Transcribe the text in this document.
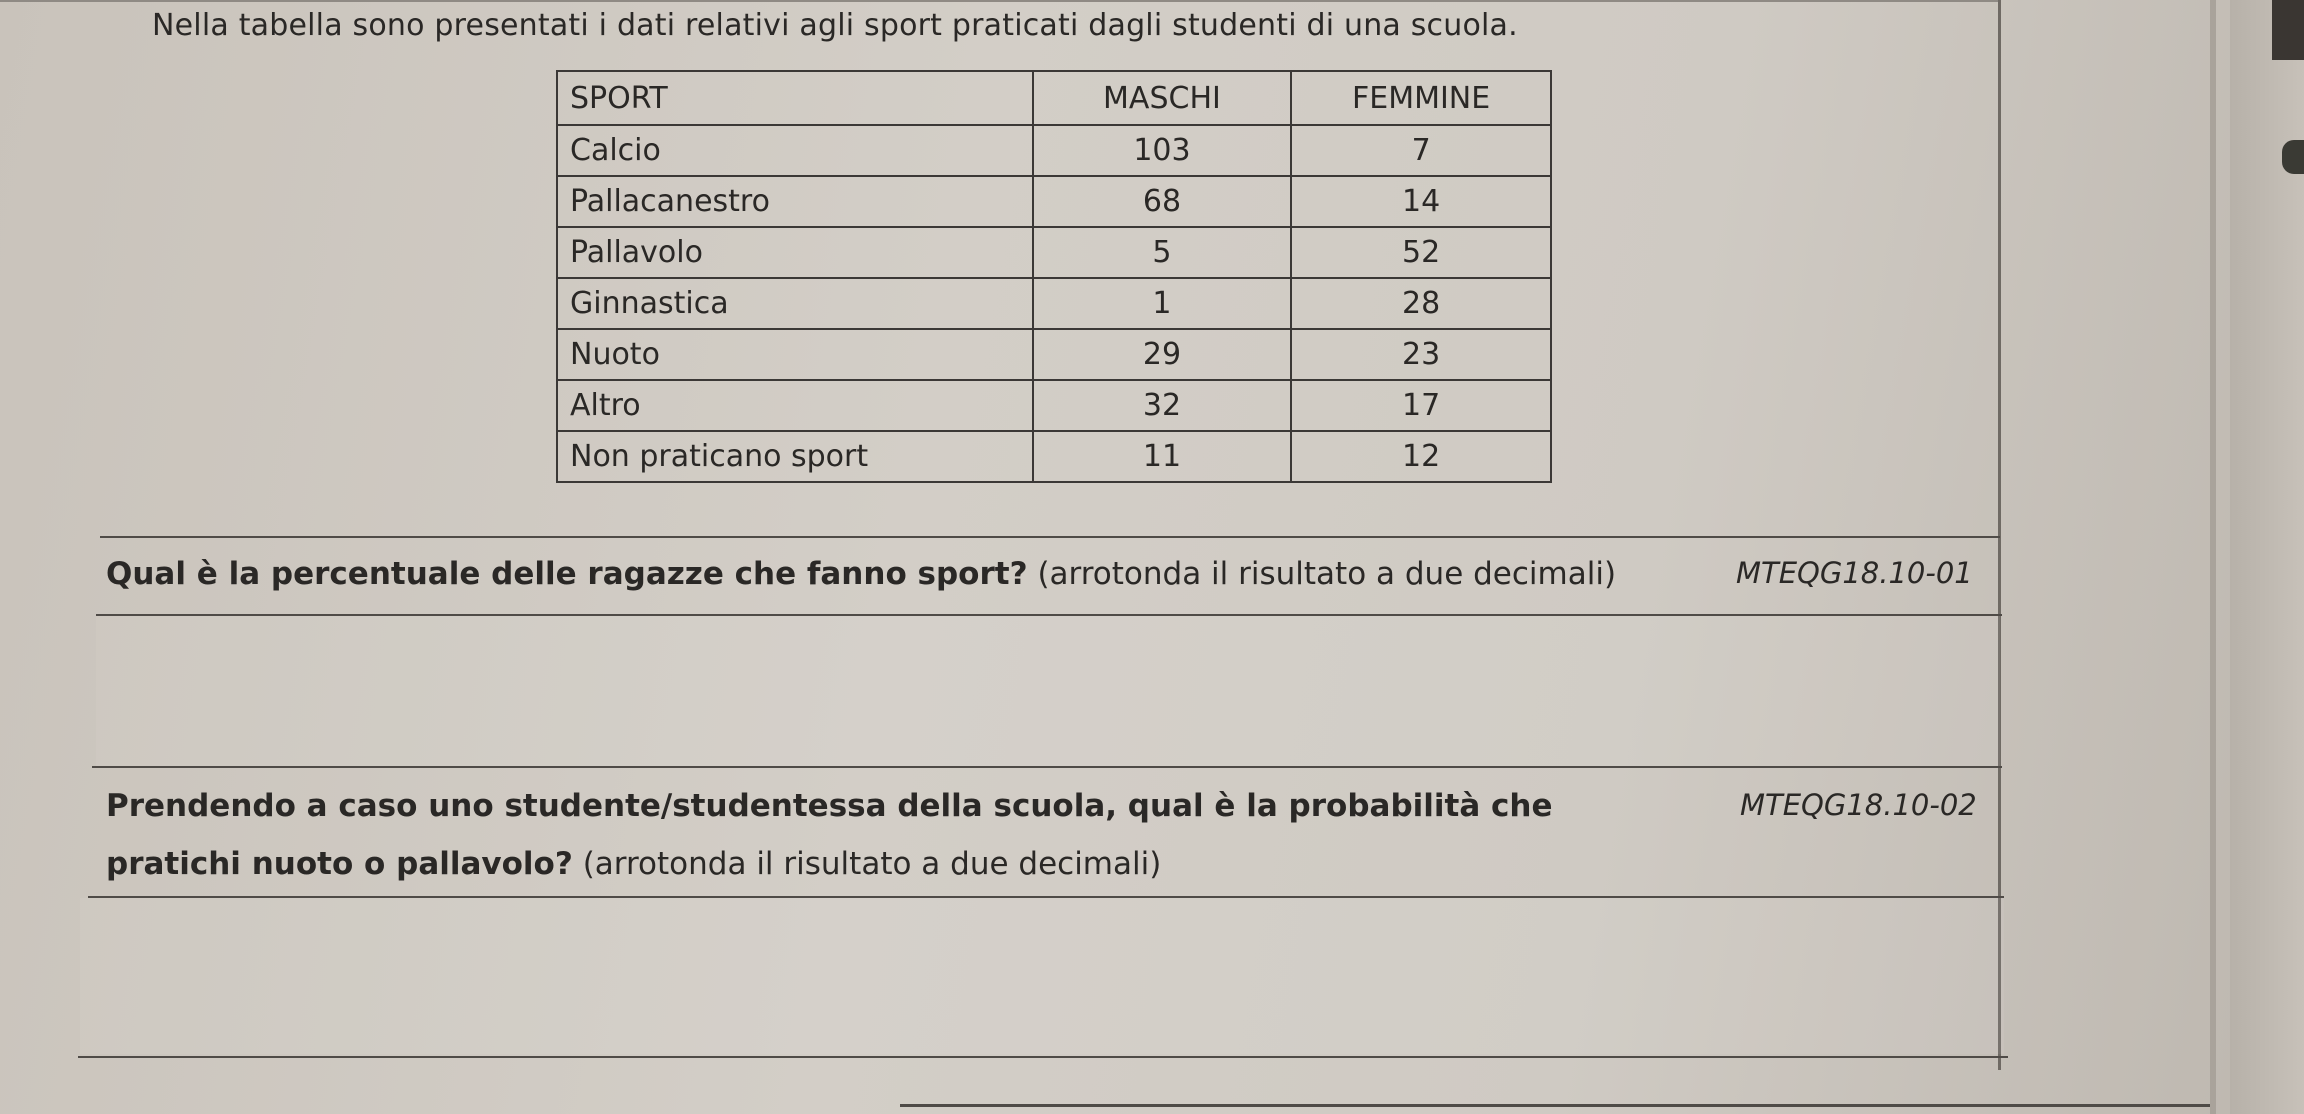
Nella tabella sono presentati i dati relativi agli sport praticati dagli studenti di una scuola.
SPORT	MASCHI	FEMMINE
Calcio	103	7
Pallacanestro	68	14
Pallavolo	5	52
Ginnastica	1	28
Nuoto	29	23
Altro	32	17
Non praticano sport	11	12
Qual è la percentuale delle ragazze che fanno sport? (arrotonda il risultato a due decimali)	MTEQG18.10-01
Prendendo a caso uno studente/studentessa della scuola, qual è la probabilità che	MTEQG18.10-02
pratichi nuoto o pallavolo? (arrotonda il risultato a due decimali)
